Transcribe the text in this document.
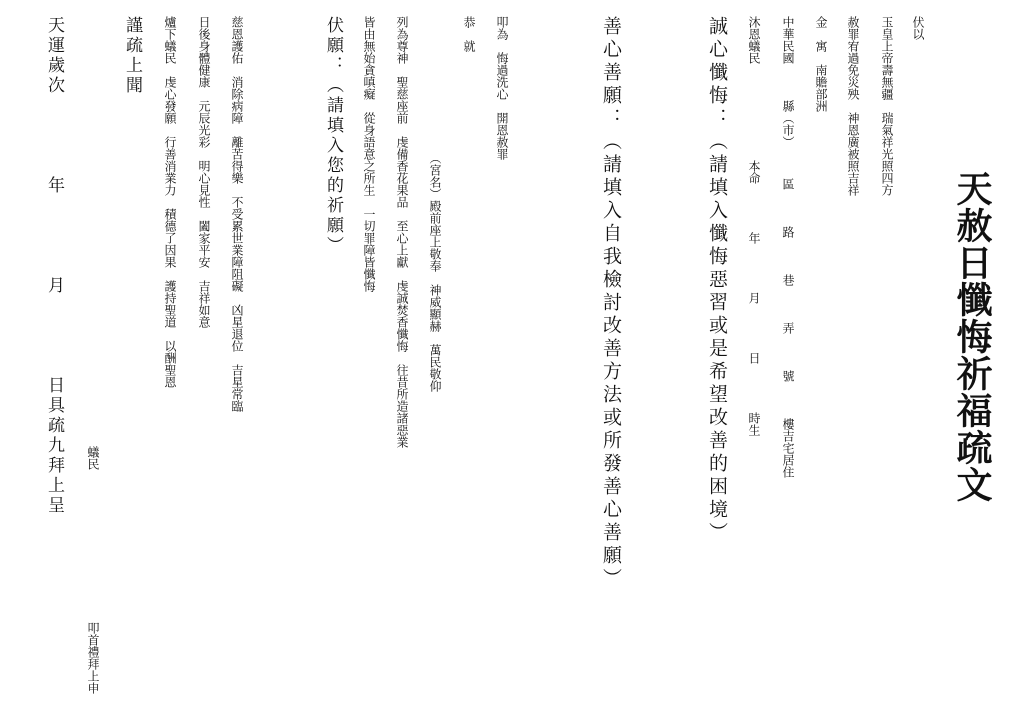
天赦日懺悔祈福疏文
伏以
玉皇上帝壽無疆　瑞氣祥光照四方
赦罪宥過免災殃　神恩廣被照吉祥
金　寓　南贍部洲
中華民國　　　縣（市）　　　區　　　路　　　巷　　　弄　　　號　　　樓吉宅居住
沐恩蟻民　　　　　　　　本命　　　　年　　　　月　　　　日　　　　時生
誠心懺悔：（請填入懺悔惡習或是希望改善的困境）
善心善願：（請填入自我檢討改善方法或所發善心善願）
叩為　悔過洗心　開恩赦罪
恭　就
（宮名）殿前座上敬奉　神威顯赫　萬民敬仰
列為尊神　聖慈座前　虔備香花果品　至心上獻　虔誠焚香懺悔　往昔所造諸惡業
皆由無始貪嗔癡　從身語意之所生　一切罪障皆懺悔
伏願：（請填入您的祈願）
慈恩護佑　消除病障　離苦得樂　不受累世業障阻礙　凶星退位　吉星常臨
日後身體健康　元辰光彩　明心見性　闔家平安　吉祥如意
爐下蟻民　虔心發願　行善消業力　積德了因果　護持聖道　以酬聖恩
謹疏上聞
蟻民
叩首禮拜上申
天運歲次　　　　年　　　　月　　　　日具疏九拜上呈
